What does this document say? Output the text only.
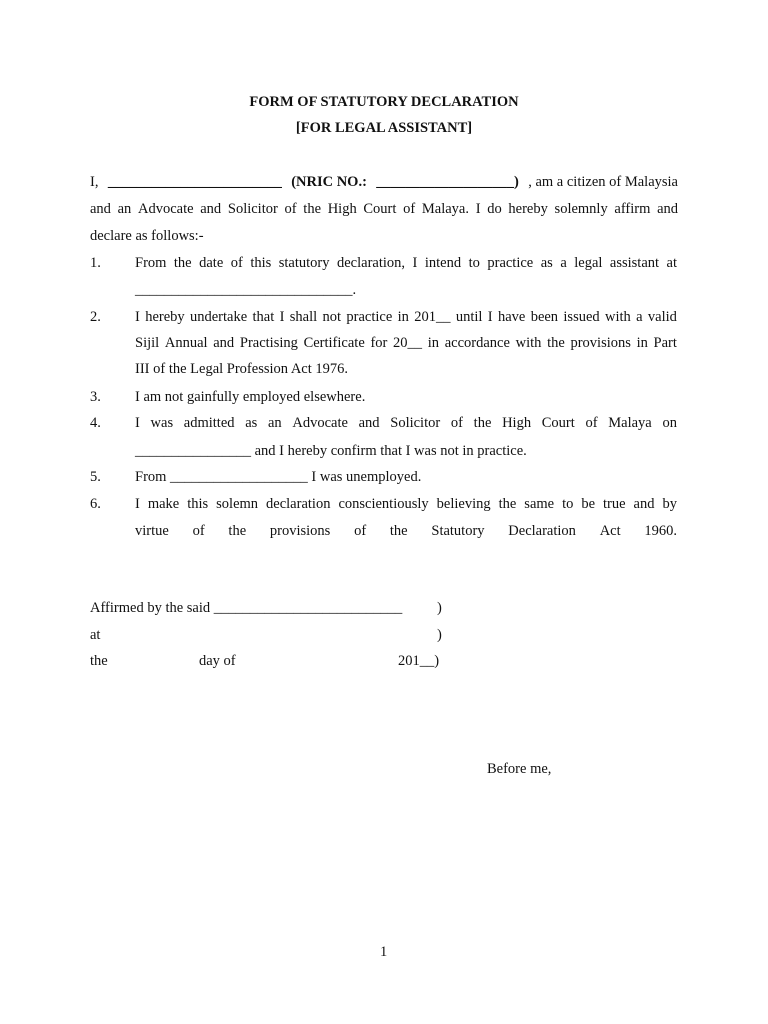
FORM OF STATUTORY DECLARATION
[FOR LEGAL ASSISTANT]
I, ________________________ (NRIC NO.: ___________________) , am a citizen of Malaysia
and an Advocate and Solicitor of the High Court of Malaya. I do hereby solemnly affirm and
declare as follows:-
1. From the date of this statutory declaration, I intend to practice as a legal assistant at
______________________________.
2. I hereby undertake that I shall not practice in 201__ until I have been issued with a valid
Sijil Annual and Practising Certificate for 20__ in accordance with the provisions in Part
III of the Legal Profession Act 1976.
3. I am not gainfully employed elsewhere.
4. I was admitted as an Advocate and Solicitor of the High Court of Malaya on
________________ and I hereby confirm that I was not in practice.
5. From ___________________ I was unemployed.
6. I make this solemn declaration conscientiously believing the same to be true and by
virtue of the provisions of the Statutory Declaration Act 1960.
Affirmed by the said __________________________ )
at	)
the	day of	201__)
Before me,
1
